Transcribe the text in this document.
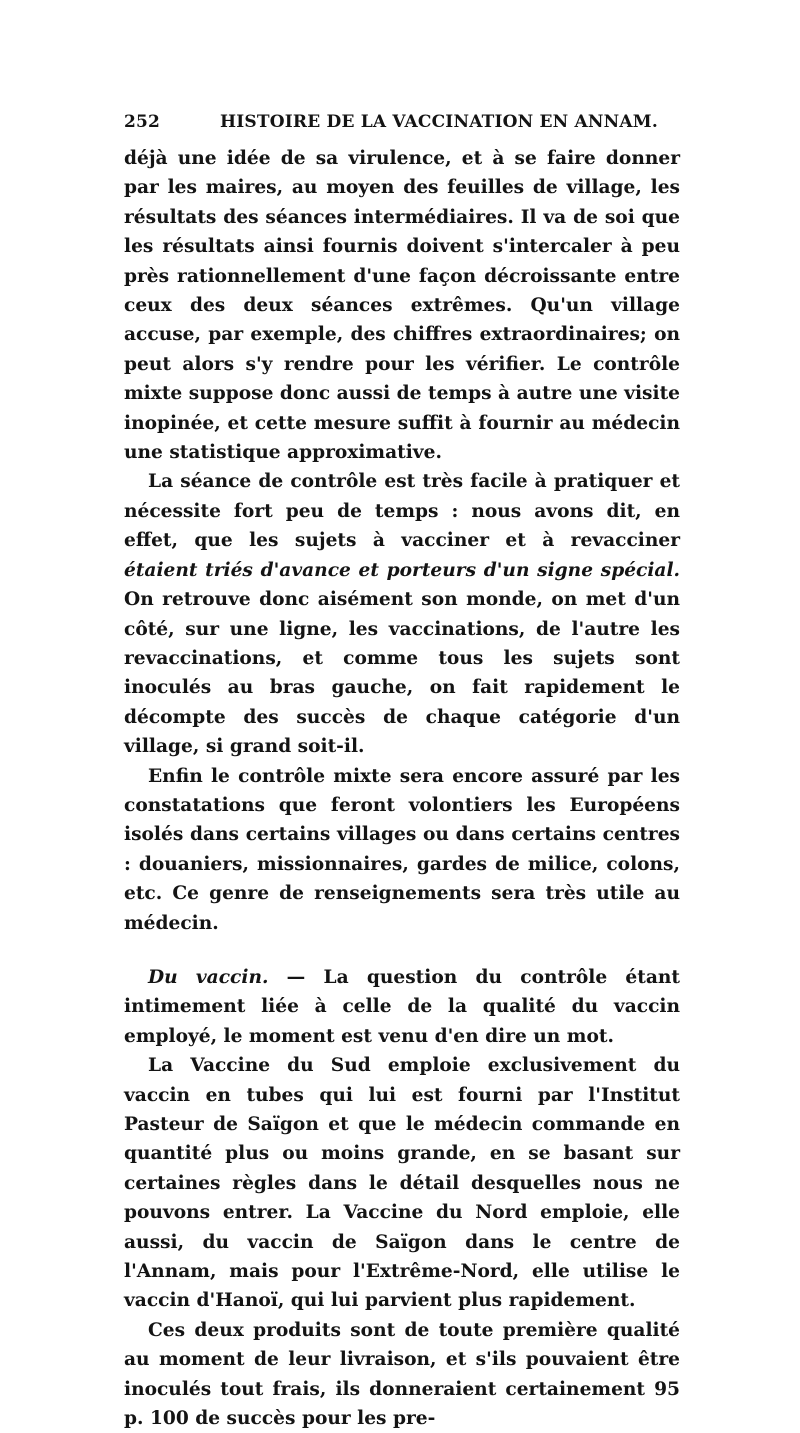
252	HISTOIRE DE LA VACCINATION EN ANNAM.

déjà une idée de sa virulence, et à se faire donner par les maires, au moyen des feuilles de village, les résultats des séances intermédiaires. Il va de soi que les résultats ainsi fournis doivent s'intercaler à peu près rationnellement d'une façon décroissante entre ceux des deux séances extrêmes. Qu'un village accuse, par exemple, des chiffres extraordinaires; on peut alors s'y rendre pour les vérifier. Le contrôle mixte suppose donc aussi de temps à autre une visite inopinée, et cette mesure suffit à fournir au médecin une statistique approximative.

La séance de contrôle est très facile à pratiquer et nécessite fort peu de temps : nous avons dit, en effet, que les sujets à vacciner et à revacciner étaient triés d'avance et porteurs d'un signe spécial. On retrouve donc aisément son monde, on met d'un côté, sur une ligne, les vaccinations, de l'autre les revaccinations, et comme tous les sujets sont inoculés au bras gauche, on fait rapidement le décompte des succès de chaque catégorie d'un village, si grand soit-il.

Enfin le contrôle mixte sera encore assuré par les constatations que feront volontiers les Européens isolés dans certains villages ou dans certains centres : douaniers, missionnaires, gardes de milice, colons, etc. Ce genre de renseignements sera très utile au médecin.

Du vaccin. — La question du contrôle étant intimement liée à celle de la qualité du vaccin employé, le moment est venu d'en dire un mot.

La Vaccine du Sud emploie exclusivement du vaccin en tubes qui lui est fourni par l'Institut Pasteur de Saïgon et que le médecin commande en quantité plus ou moins grande, en se basant sur certaines règles dans le détail desquelles nous ne pouvons entrer. La Vaccine du Nord emploie, elle aussi, du vaccin de Saïgon dans le centre de l'Annam, mais pour l'Extrême-Nord, elle utilise le vaccin d'Hanoï, qui lui parvient plus rapidement.

Ces deux produits sont de toute première qualité au moment de leur livraison, et s'ils pouvaient être inoculés tout frais, ils donneraient certainement 95 p. 100 de succès pour les pre-
